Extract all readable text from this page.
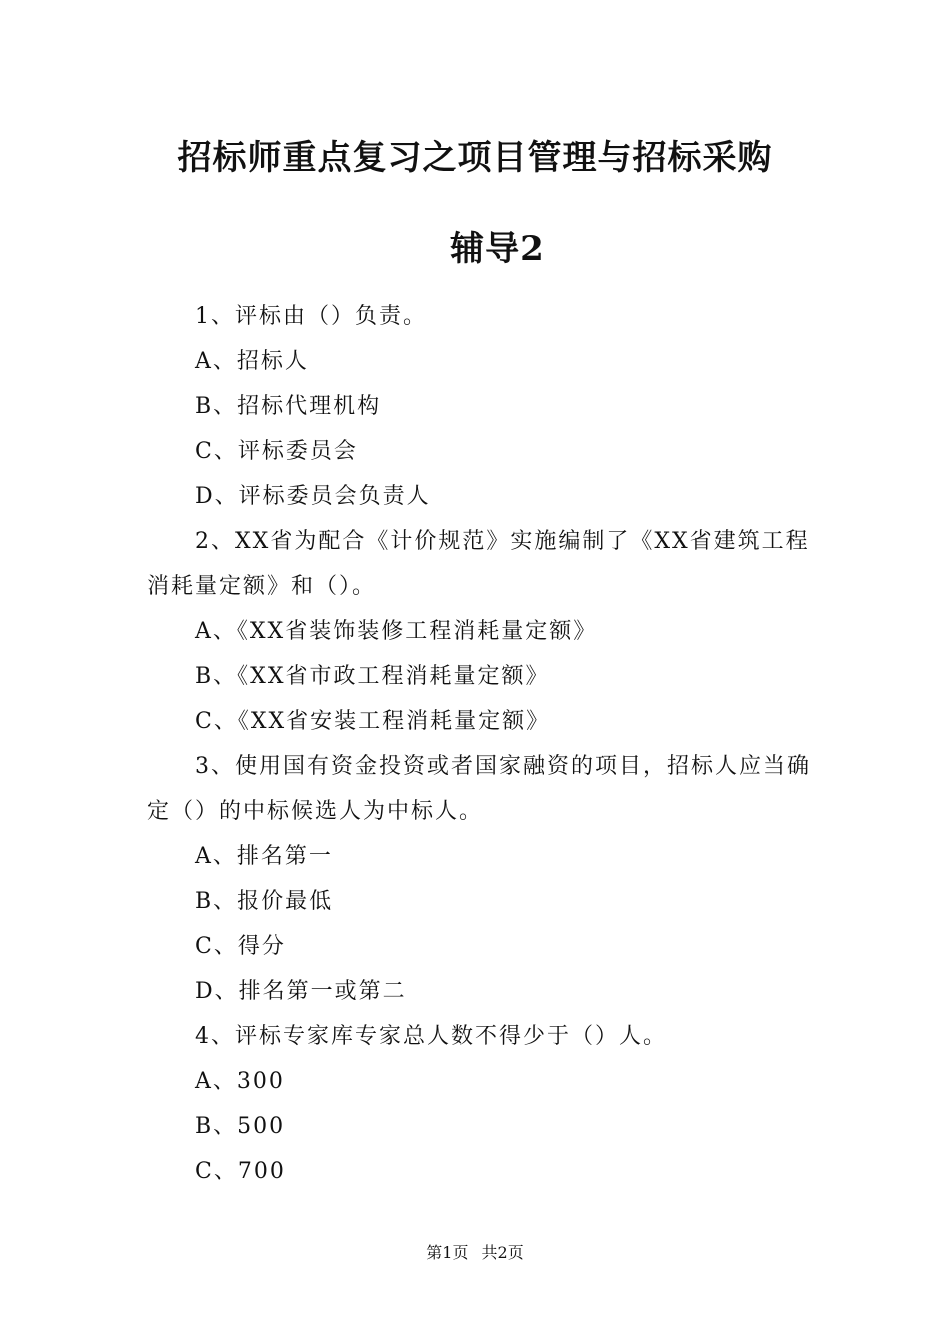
招标师重点复习之项目管理与招标采购
辅导2

1、评标由（）负责。

A、招标人

B、招标代理机构

C、评标委员会

D、评标委员会负责人

2、XX省为配合《计价规范》实施编制了《XX省建筑工程消耗量定额》和（）。

A、《XX省装饰装修工程消耗量定额》

B、《XX省市政工程消耗量定额》

C、《XX省安装工程消耗量定额》

3、使用国有资金投资或者国家融资的项目，招标人应当确定（）的中标候选人为中标人。

A、排名第一

B、报价最低

C、得分

D、排名第一或第二

4、评标专家库专家总人数不得少于（）人。

A、300

B、500

C、700

第1页 共2页
